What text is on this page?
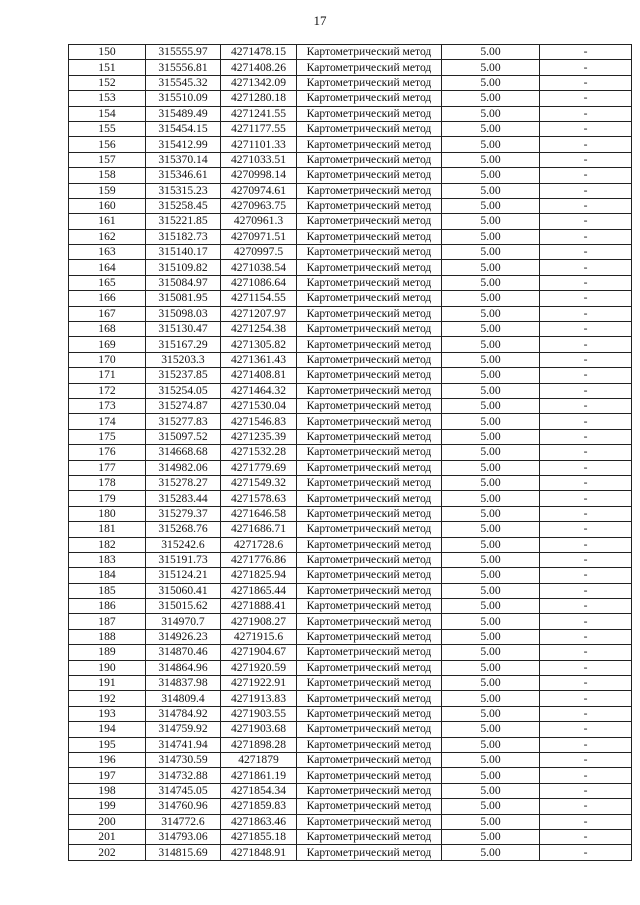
17
150	315555.97	4271478.15	Картометрический метод	5.00	-
151	315556.81	4271408.26	Картометрический метод	5.00	-
152	315545.32	4271342.09	Картометрический метод	5.00	-
153	315510.09	4271280.18	Картометрический метод	5.00	-
154	315489.49	4271241.55	Картометрический метод	5.00	-
155	315454.15	4271177.55	Картометрический метод	5.00	-
156	315412.99	4271101.33	Картометрический метод	5.00	-
157	315370.14	4271033.51	Картометрический метод	5.00	-
158	315346.61	4270998.14	Картометрический метод	5.00	-
159	315315.23	4270974.61	Картометрический метод	5.00	-
160	315258.45	4270963.75	Картометрический метод	5.00	-
161	315221.85	4270961.3	Картометрический метод	5.00	-
162	315182.73	4270971.51	Картометрический метод	5.00	-
163	315140.17	4270997.5	Картометрический метод	5.00	-
164	315109.82	4271038.54	Картометрический метод	5.00	-
165	315084.97	4271086.64	Картометрический метод	5.00	-
166	315081.95	4271154.55	Картометрический метод	5.00	-
167	315098.03	4271207.97	Картометрический метод	5.00	-
168	315130.47	4271254.38	Картометрический метод	5.00	-
169	315167.29	4271305.82	Картометрический метод	5.00	-
170	315203.3	4271361.43	Картометрический метод	5.00	-
171	315237.85	4271408.81	Картометрический метод	5.00	-
172	315254.05	4271464.32	Картометрический метод	5.00	-
173	315274.87	4271530.04	Картометрический метод	5.00	-
174	315277.83	4271546.83	Картометрический метод	5.00	-
175	315097.52	4271235.39	Картометрический метод	5.00	-
176	314668.68	4271532.28	Картометрический метод	5.00	-
177	314982.06	4271779.69	Картометрический метод	5.00	-
178	315278.27	4271549.32	Картометрический метод	5.00	-
179	315283.44	4271578.63	Картометрический метод	5.00	-
180	315279.37	4271646.58	Картометрический метод	5.00	-
181	315268.76	4271686.71	Картометрический метод	5.00	-
182	315242.6	4271728.6	Картометрический метод	5.00	-
183	315191.73	4271776.86	Картометрический метод	5.00	-
184	315124.21	4271825.94	Картометрический метод	5.00	-
185	315060.41	4271865.44	Картометрический метод	5.00	-
186	315015.62	4271888.41	Картометрический метод	5.00	-
187	314970.7	4271908.27	Картометрический метод	5.00	-
188	314926.23	4271915.6	Картометрический метод	5.00	-
189	314870.46	4271904.67	Картометрический метод	5.00	-
190	314864.96	4271920.59	Картометрический метод	5.00	-
191	314837.98	4271922.91	Картометрический метод	5.00	-
192	314809.4	4271913.83	Картометрический метод	5.00	-
193	314784.92	4271903.55	Картометрический метод	5.00	-
194	314759.92	4271903.68	Картометрический метод	5.00	-
195	314741.94	4271898.28	Картометрический метод	5.00	-
196	314730.59	4271879	Картометрический метод	5.00	-
197	314732.88	4271861.19	Картометрический метод	5.00	-
198	314745.05	4271854.34	Картометрический метод	5.00	-
199	314760.96	4271859.83	Картометрический метод	5.00	-
200	314772.6	4271863.46	Картометрический метод	5.00	-
201	314793.06	4271855.18	Картометрический метод	5.00	-
202	314815.69	4271848.91	Картометрический метод	5.00	-
